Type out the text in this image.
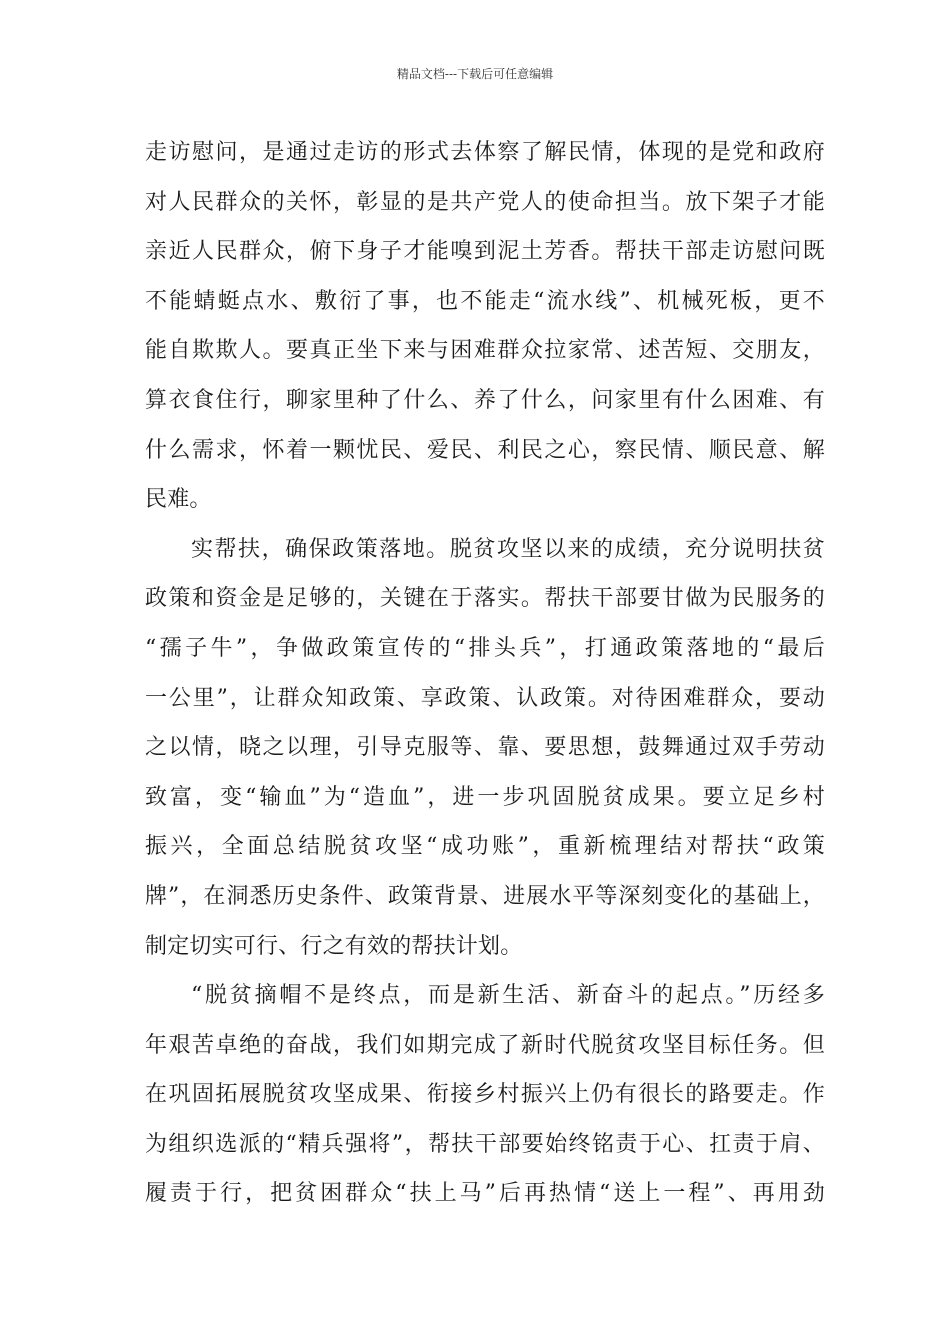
精品文档---下载后可任意编辑
走访慰问，是通过走访的形式去体察了解民情，体现的是党和政府
对人民群众的关怀，彰显的是共产党人的使命担当。放下架子才能
亲近人民群众，俯下身子才能嗅到泥土芳香。帮扶干部走访慰问既
不能蜻蜓点水、敷衍了事，也不能走“流水线”、机械死板，更不
能自欺欺人。要真正坐下来与困难群众拉家常、述苦短、交朋友，
算衣食住行，聊家里种了什么、养了什么，问家里有什么困难、有
什么需求，怀着一颗忧民、爱民、利民之心，察民情、顺民意、解
民难。
实帮扶，确保政策落地。脱贫攻坚以来的成绩，充分说明扶贫
政策和资金是足够的，关键在于落实。帮扶干部要甘做为民服务的
“孺子牛”，争做政策宣传的“排头兵”，打通政策落地的“最后
一公里”，让群众知政策、享政策、认政策。对待困难群众，要动
之以情，晓之以理，引导克服等、靠、要思想，鼓舞通过双手劳动
致富，变“输血”为“造血”，进一步巩固脱贫成果。要立足乡村
振兴，全面总结脱贫攻坚“成功账”，重新梳理结对帮扶“政策
牌”，在洞悉历史条件、政策背景、进展水平等深刻变化的基础上，
制定切实可行、行之有效的帮扶计划。
“脱贫摘帽不是终点，而是新生活、新奋斗的起点。”历经多
年艰苦卓绝的奋战，我们如期完成了新时代脱贫攻坚目标任务。但
在巩固拓展脱贫攻坚成果、衔接乡村振兴上仍有很长的路要走。作
为组织选派的“精兵强将”，帮扶干部要始终铭责于心、扛责于肩、
履责于行，把贫困群众“扶上马”后再热情“送上一程”、再用劲
